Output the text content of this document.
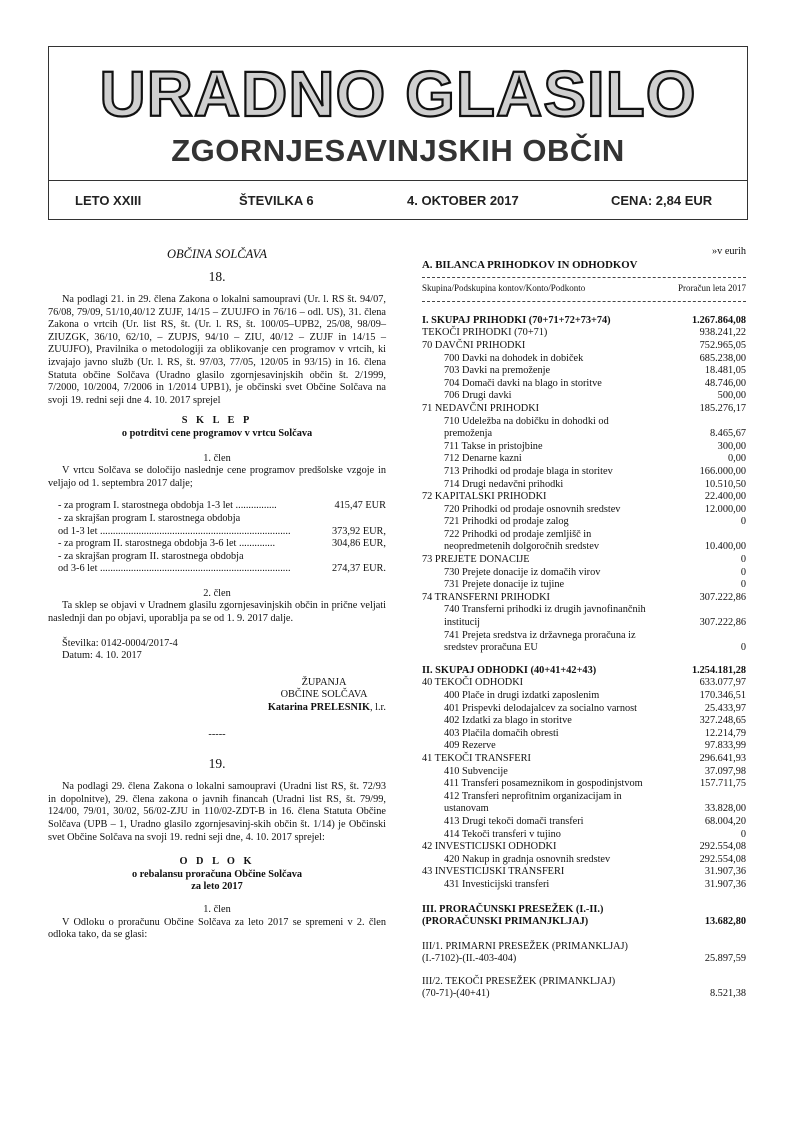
URADNO GLASILO
ZGORNJESAVINJSKIH OBČIN
LETO XXIII	ŠTEVILKA 6	4. OKTOBER 2017	CENA: 2,84 EUR
OBČINA SOLČAVA
18.
Na podlagi 21. in 29. člena Zakona o lokalni samoupravi (Ur. l. RS št. 94/07, 76/08, 79/09, 51/10,40/12 ZUJF, 14/15 – ZUUJFO in 76/16 – odl. US), 31. člena Zakona o vrtcih (Ur. list RS, št. (Ur. l. RS, št. 100/05–UPB2, 25/08, 98/09–ZIUZGK, 36/10, 62/10, – ZUPJS, 94/10 – ZIU, 40/12 – ZUJF in 14/15 – ZUUJFO), Pravilnika o metodologiji za oblikovanje cen programov v vrtcih, ki izvajajo javno služb (Ur. l. RS, št. 97/03, 77/05, 120/05 in 93/15) in 16. člena Statuta občine Solčava (Uradno glasilo zgornjesavinjskih občin št. 2/1999, 7/2000, 10/2004, 7/2006 in 1/2014 UPB1), je občinski svet Občine Solčava na svoji 19. redni seji dne 4. 10. 2017 sprejel
S K L E P
o potrditvi cene programov v vrtcu Solčava
1. člen
V vrtcu Solčava se določijo naslednje cene programov predšolske vzgoje in veljajo od 1. septembra 2017 dalje;
- za program I. starostnega obdobja 1-3 let ................	415,47 EUR
- za skrajšan program I. starostnega obdobja
od 1-3 let ..........................................................................	373,92 EUR,
- za program II. starostnega obdobja 3-6 let ..............	304,86 EUR,
- za skrajšan program II. starostnega obdobja
od 3-6 let ..........................................................................	274,37 EUR.
2. člen
Ta sklep se objavi v Uradnem glasilu zgornjesavinjskih občin in prične veljati naslednji dan po objavi, uporablja pa se od 1. 9. 2017 dalje.
Številka: 0142-0004/2017-4
Datum: 4. 10. 2017
ŽUPANJA
OBČINE SOLČAVA
Katarina PRELESNIK, l.r.
-----
19.
Na podlagi 29. člena Zakona o lokalni samoupravi (Uradni list RS, št. 72/93 in dopolnitve), 29. člena zakona o javnih financah (Uradni list RS, št. 79/99, 124/00, 79/01, 30/02, 56/02-ZJU in 110/02-ZDT-B in 16. člena Statuta Občine Solčava (UPB – 1, Uradno glasilo zgornjesavinj-skih občin št. 1/14) je Občinski svet Občine Solčava na svoji 19. redni seji dne, 4. 10. 2017 sprejel:
O D L O K
o rebalansu proračuna Občine Solčava
za leto 2017
1. člen
V Odloku o proračunu Občine Solčava za leto 2017 se spremeni v 2. člen odloka tako, da se glasi:
»v eurih
A. BILANCA PRIHODKOV IN ODHODKOV
Skupina/Podskupina kontov/Konto/Podkonto	Proračun leta 2017
I. SKUPAJ PRIHODKI (70+71+72+73+74)	1.267.864,08
TEKOČI PRIHODKI (70+71)	938.241,22
70 DAVČNI PRIHODKI	752.965,05
700 Davki na dohodek in dobiček	685.238,00
703 Davki na premoženje	18.481,05
704 Domači davki na blago in storitve	48.746,00
706 Drugi davki	500,00
71 NEDAVČNI PRIHODKI	185.276,17
710 Udeležba na dobičku in dohodki od
premoženja	8.465,67
711 Takse in pristojbine	300,00
712 Denarne kazni	0,00
713 Prihodki od prodaje blaga in storitev	166.000,00
714 Drugi nedavčni prihodki	10.510,50
72 KAPITALSKI PRIHODKI	22.400,00
720 Prihodki od prodaje osnovnih sredstev	12.000,00
721 Prihodki od prodaje zalog	0
722 Prihodki od prodaje zemljišč in
neopredmetenih dolgoročnih sredstev	10.400,00
73 PREJETE DONACIJE	0
730 Prejete donacije iz domačih virov	0
731 Prejete donacije iz tujine	0
74 TRANSFERNI PRIHODKI	307.222,86
740 Transferni prihodki iz drugih javnofinančnih
institucij	307.222,86
741 Prejeta sredstva iz državnega proračuna iz
sredstev proračuna EU	0
II. SKUPAJ ODHODKI (40+41+42+43)	1.254.181,28
40 TEKOČI ODHODKI	633.077,97
400 Plače in drugi izdatki zaposlenim	170.346,51
401 Prispevki delodajalcev za socialno varnost	25.433,97
402 Izdatki za blago in storitve	327.248,65
403 Plačila domačih obresti	12.214,79
409 Rezerve	97.833,99
41 TEKOČI TRANSFERI	296.641,93
410 Subvencije	37.097,98
411 Transferi posameznikom in gospodinjstvom	157.711,75
412 Transferi neprofitnim organizacijam in
ustanovam	33.828,00
413 Drugi tekoči domači transferi	68.004,20
414 Tekoči transferi v tujino	0
42 INVESTICIJSKI ODHODKI	292.554,08
420 Nakup in gradnja osnovnih sredstev	292.554,08
43 INVESTICIJSKI TRANSFERI	31.907,36
431 Investicijski transferi	31.907,36
III. PRORAČUNSKI PRESEŽEK (I.-II.)
(PRORAČUNSKI PRIMANJKLJAJ)	13.682,80
III/1. PRIMARNI PRESEŽEK (PRIMANKLJAJ)
(I.-7102)-(II.-403-404)	25.897,59
III/2. TEKOČI PRESEŽEK (PRIMANKLJAJ)
(70-71)-(40+41)	8.521,38
